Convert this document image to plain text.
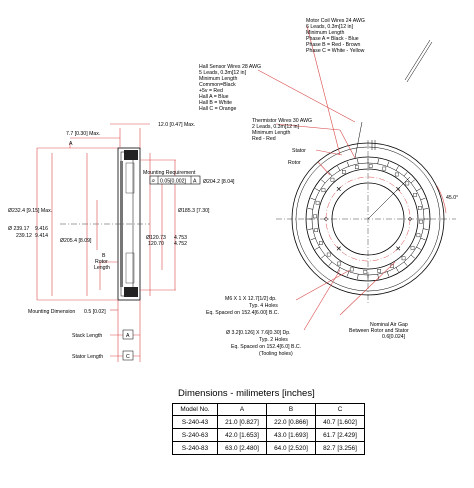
⌭
7.7 [0.30] Max.
A
12.0 [0.47] Max.
Mounting Requirement
0.05[0.002] A Ø204.2 [8.04]
Ø185.3 [7.30]
Ø232.4 [9.15] Max.
Ø 239.17
239.12
9.416
9.414
Ø205.4 [8.09]	Ø120.73
120.70
4.753
4.752
B
Rotor
Length
Mounting Dimension 0.5 [0.02]
Stack Length
Stator Length
A
C
✕
✕
✕	✕
Motor Coil Wires 24 AWG
6 Leads, 0.3m[12 in]
Minimum Length
Phase A = Black - Blue
Phase B = Red - Brown
Phase C = White - Yellow
Hall Sensor Wires 28 AWG
5 Leads, 0.3m[12 in]
Minimum Length
Common=Black
+5v = Red
Hall A = Blue
Hall B = White
Hall C = Orange
Thermistor Wires 30 AWG
2 Leads, 0.3m[12 in]
Minimum Length
Red - Red
Stator
Rotor
45.0°
M6 X 1 X 12.7[1/2] dp.
Typ. 4 Holes
Eq. Spaced on 152.4[6.00] B.C.
Ø 3.2[0.126] X 7.6[0.30] Dp.
Typ. 2 Holes
Eq. Spaced on 152.4[6.0] B.C.
(Tooling holes)
Nominal Air Gap
Between Rotor and Stator
0.6[0.024]
Dimensions - milimeters [inches]
Model No.	A	B	C
S-240-43	21.0 [0.827]	22.0 [0.866]	40.7 [1.602]
S-240-63	42.0 [1.653]	43.0 [1.693]	61.7 [2.429]
S-240-83	63.0 [2.480]	64.0 [2.520]	82.7 [3.256]
